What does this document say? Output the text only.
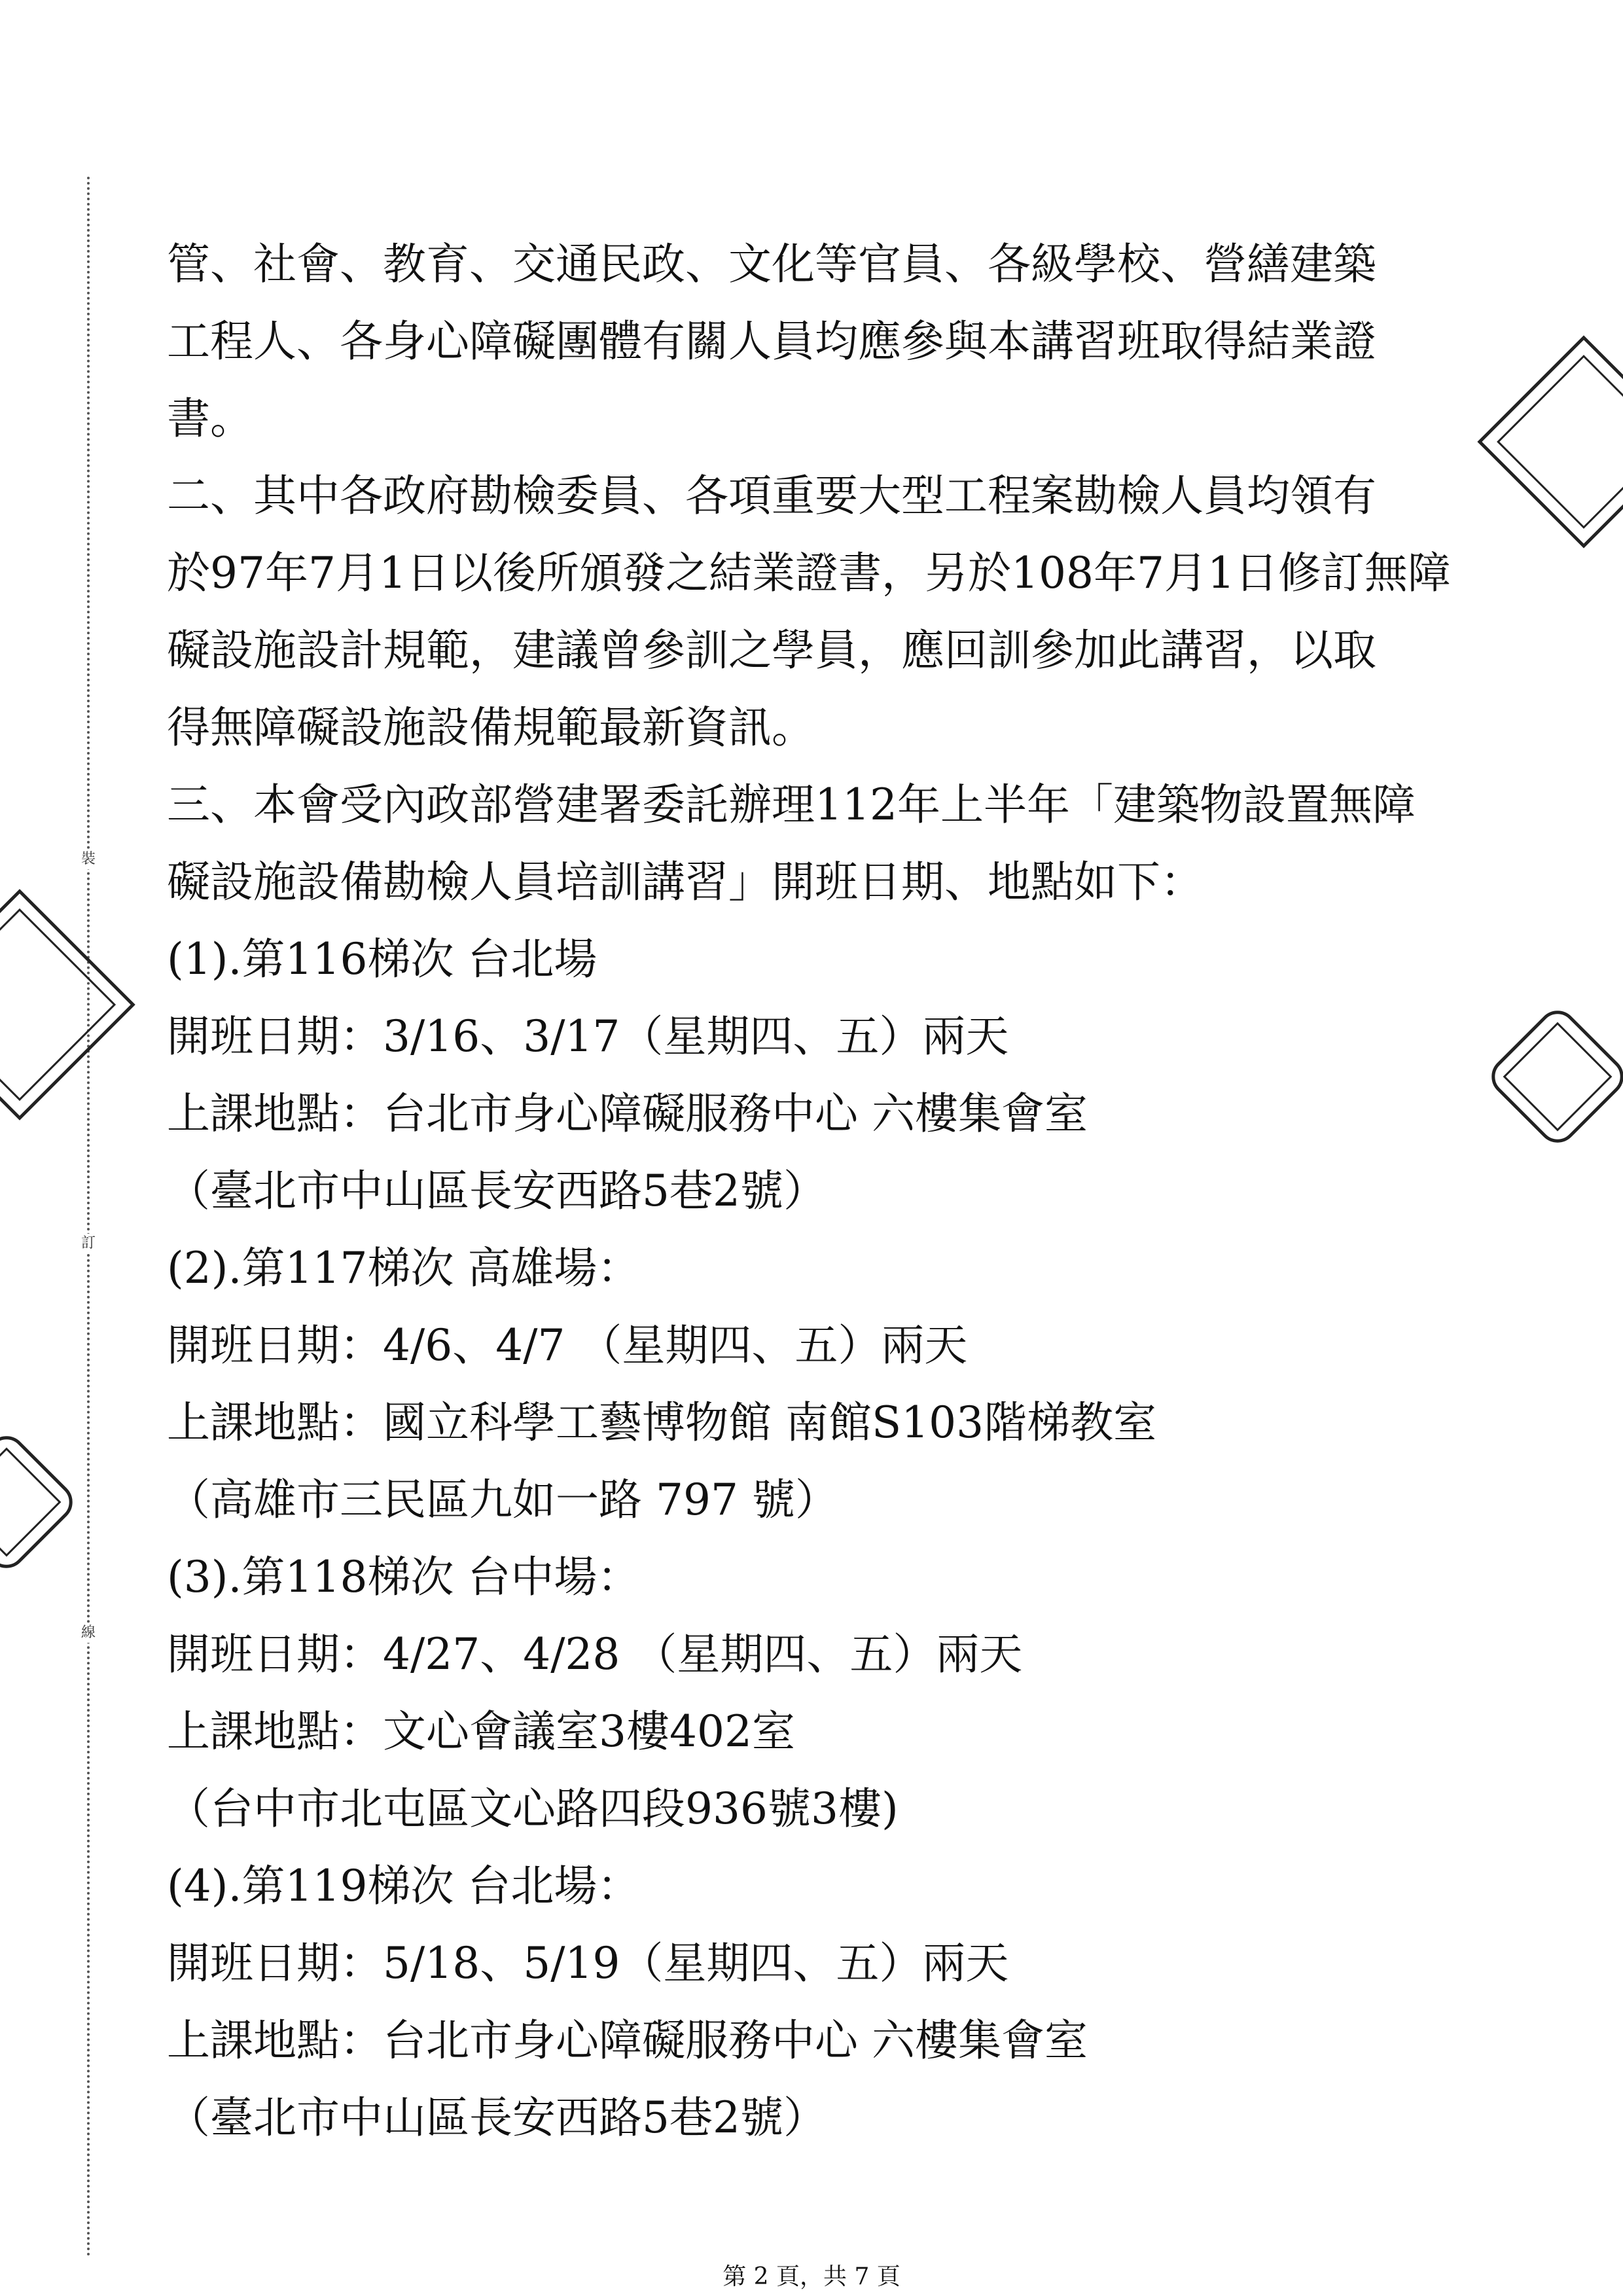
裝
訂
線
管、社會、教育、交通民政、文化等官員、各級學校、營繕建築
工程人、各身心障礙團體有關人員均應參與本講習班取得結業證
書。
二、其中各政府勘檢委員、各項重要大型工程案勘檢人員均領有
於97年7月1日以後所頒發之結業證書，另於108年7月1日修訂無障
礙設施設計規範，建議曾參訓之學員，應回訓參加此講習，以取
得無障礙設施設備規範最新資訊。
三、本會受內政部營建署委託辦理112年上半年「建築物設置無障
礙設施設備勘檢人員培訓講習」開班日期、地點如下：
(1).第116梯次 台北場
開班日期：3/16、3/17（星期四、五）兩天
上課地點：台北市身心障礙服務中心 六樓集會室
（臺北市中山區長安西路5巷2號）
(2).第117梯次 高雄場：
開班日期：4/6、4/7 （星期四、五）兩天
上課地點：國立科學工藝博物館 南館S103階梯教室
（高雄市三民區九如一路 797 號）
(3).第118梯次 台中場：
開班日期：4/27、4/28 （星期四、五）兩天
上課地點：文心會議室3樓402室
（台中市北屯區文心路四段936號3樓)
(4).第119梯次 台北場：
開班日期：5/18、5/19（星期四、五）兩天
上課地點：台北市身心障礙服務中心 六樓集會室
（臺北市中山區長安西路5巷2號）
第 2 頁，共 7 頁
